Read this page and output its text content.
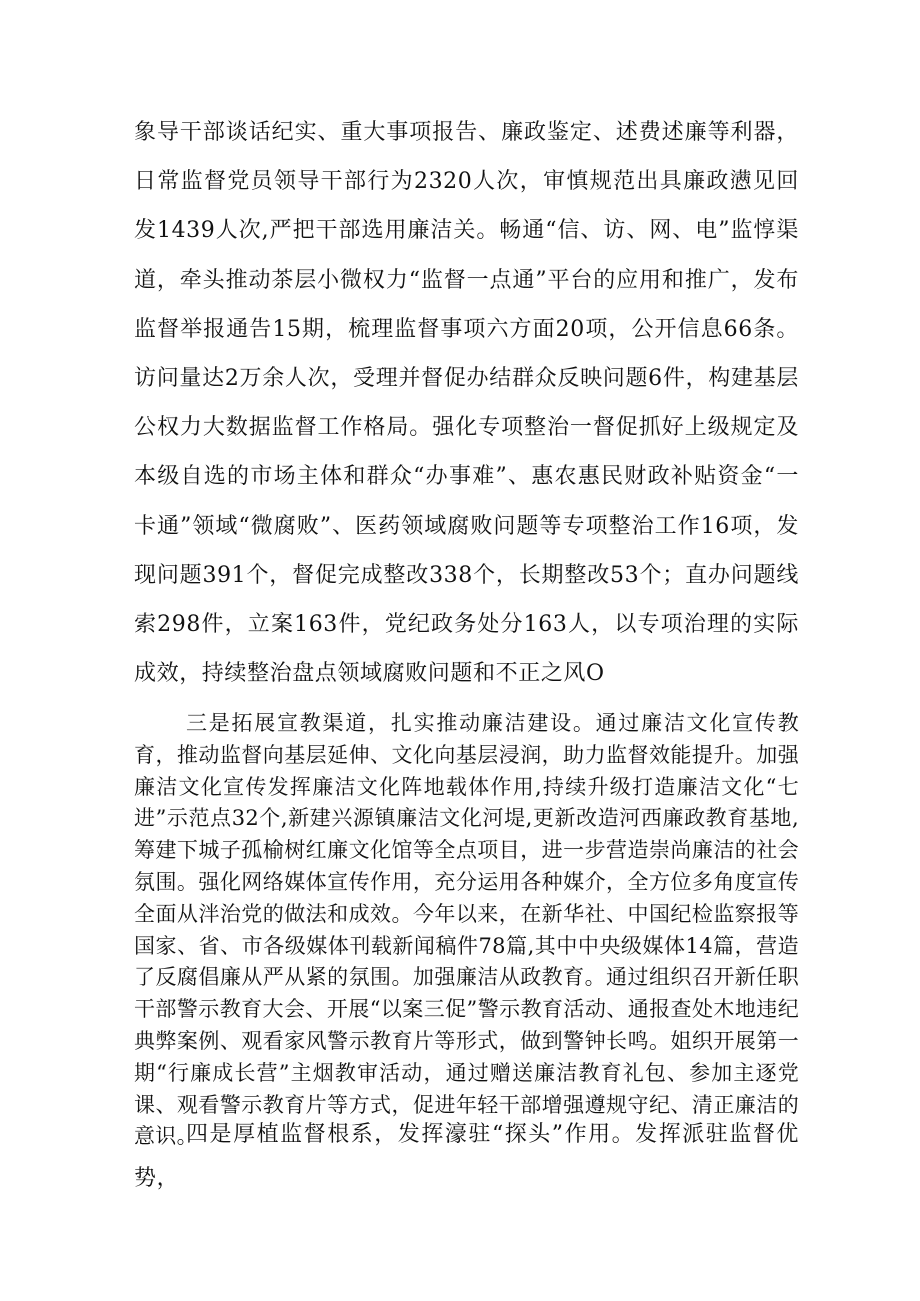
象导干部谈话纪实、重大事项报告、廉政鉴定、述费述廉等利器，日常监督党员领导干部行为2320人次，审慎规范出具廉政懑见回发1439人次,严把干部选用廉洁关。畅通“信、访、网、电”监惇渠道，牵头推动茶层小微权力“监督一点通”平台的应用和推广，发布监督举报通告15期，梳理监督事项六方面20项，公开信息66条。访问量达2万余人次，受理并督促办结群众反映问题6件，构建基层公权力大数据监督工作格局。强化专项整治一督促抓好上级规定及本级自选的市场主体和群众“办事难”、惠农惠民财政补贴资金“一卡通”领域“微腐败”、医药领域腐败问题等专项整治工作16项，发现问题391个，督促完成整改338个，长期整改53个；直办问题线索298件，立案163件，党纪政务处分163人，以专项治理的实际成效，持续整治盘点领域腐败问题和不正之风O

三是拓展宣教渠道，扎实推动廉洁建设。通过廉洁文化宣传教育，推动监督向基层延伸、文化向基层浸润，助力监督效能提升。加强廉洁文化宣传发挥廉洁文化阵地载体作用,持续升级打造廉洁文化“七进”示范点32个,新建兴源镇廉洁文化河堤,更新改造河西廉政教育基地,筹建下城子孤榆树红廉文化馆等全点项目，进一步营造崇尚廉洁的社会氛围。强化网络媒体宣传作用，充分运用各种媒介，全方位多角度宣传全面从泮治党的做法和成效。今年以来，在新华社、中国纪检监察报等国家、省、市各级媒体刊载新闻稿件78篇,其中中央级媒体14篇，营造了反腐倡廉从严从紧的氛围。加强廉洁从政教育。通过组织召开新任职干部警示教育大会、开展“以案三促”警示教育活动、通报查处木地违纪典弊案例、观看家风警示教育片等形式，做到警钟长鸣。姐织开展第一期“行廉成长营”主烟教审活动，通过赠送廉洁教育礼包、参加主逐党课、观看警示教育片等方式，促进年轻干部增强遵规守纪、清正廉洁的意识。

四是厚植监督根系，发挥濠驻“探头”作用。发挥派驻监督优势，
